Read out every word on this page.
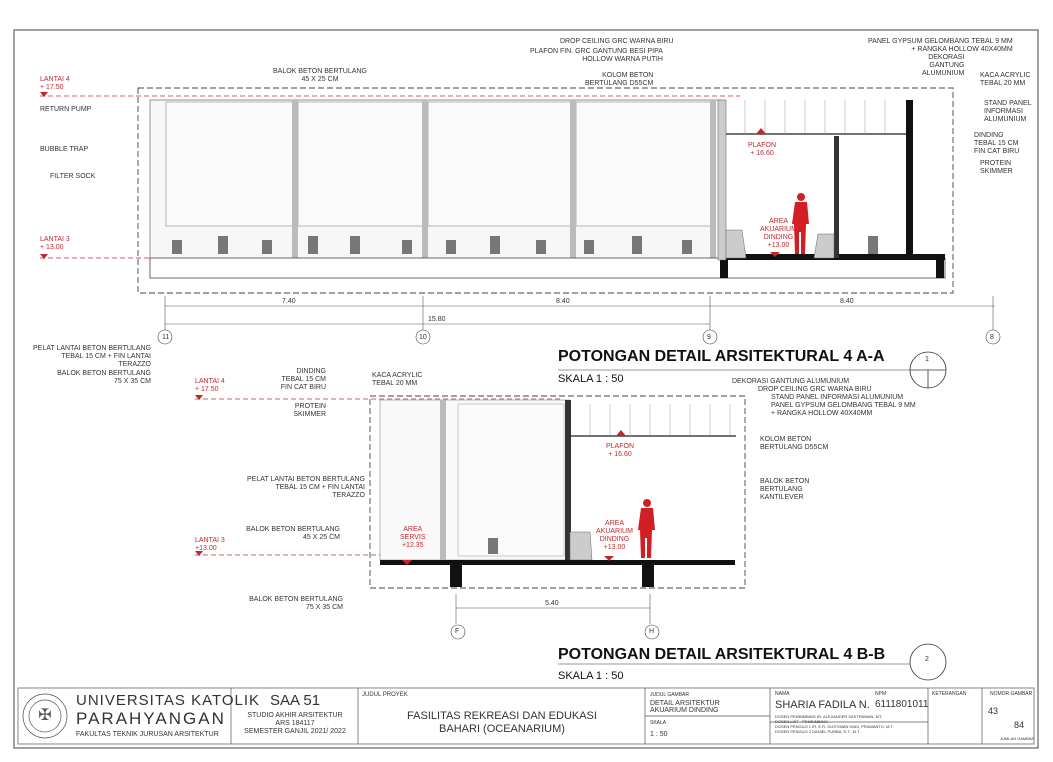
LANTAI 4
+ 17.50
LANTAI 3
+ 13.00
RETURN PUMP
BUBBLE TRAP
FILTER SOCK
BALOK BETON BERTULANG
45 X 25 CM
DROP CEILING GRC WARNA BIRU
PLAFON FIN. GRC GANTUNG BESI PIPA
HOLLOW WARNA PUTIH
KOLOM BETON
BERTULANG D55CM
PANEL GYPSUM GELOMBANG TEBAL 9 MM
+ RANGKA HOLLOW 40X40MM
DEKORASI
GANTUNG
ALUMUNIUM KACA ACRYLIC
TEBAL 20 MM
STAND PANEL
INFORMASI
ALUMUNIUM
DINDING
TEBAL 15 CM
FIN CAT BIRU
PROTEIN
SKIMMER
PLAFON
+ 16.60
AREA
AKUARIUM
DINDING
+13.00
7.40	8.40	8.40
15.80
11	10	9	8
PELAT LANTAI BETON BERTULANG
TEBAL 15 CM + FIN LANTAI
TERAZZO
BALOK BETON BERTULANG
75 X 35 CM
POTONGAN DETAIL ARSITEKTURAL 4 A-A
SKALA 1 : 50
1
LANTAI 4
+ 17.50
LANTAI 3
+13.00
DINDING
TEBAL 15 CM
FIN CAT BIRU
KACA ACRYLIC
TEBAL 20 MM
PROTEIN
SKIMMER
PELAT LANTAI BETON BERTULANG
TEBAL 15 CM + FIN LANTAI
TERAZZO
BALOK BETON BERTULANG
45 X 25 CM
BALOK BETON BERTULANG
75 X 35 CM
DEKORASI GANTUNG ALUMUNIUM
DROP CEILING GRC WARNA BIRU
STAND PANEL INFORMASI ALUMUNIUM
PANEL GYPSUM GELOMBANG TEBAL 9 MM
+ RANGKA HOLLOW 40X40MM
KOLOM BETON
BERTULANG D55CM
BALOK BETON
BERTULANG
KANTILEVER
PLAFON
+ 16.60
AREA
SERVIS
+12.35
AREA
AKUARIUM
DINDING
+13.00
5.40
F	H
POTONGAN DETAIL ARSITEKTURAL 4 B-B
SKALA 1 : 50
2
✠
UNIVERSITAS KATOLIK
PARAHYANGAN
FAKULTAS TEKNIK JURUSAN ARSITEKTUR
SAA 51
STUDIO AKHIR ARSITEKTUR
ARS 184117
SEMESTER GANJIL 2021/ 2022
JUDUL PROYEK
FASILITAS REKREASI DAN EDUKASI
BAHARI (OCEANARIUM)
JUDUL GAMBAR
DETAIL ARSITEKTUR
AKUARIUM DINDING
SKALA
1 : 50
NAMA
SHARIA FADILA N.
NPM
6111801011
DOSEN PEMBIMBING IR. ALEXANDER SASTRAWAN, MT.
DOSEN LIST - PEMBIMBING
DOSEN PENGUJI 1 IR. E.R. GUSTIMAN HADI, PRAMANTO, M.T.
DOSEN PENGUJI 2 DANIEL PURBA, S.T., M.T.
KETERANGAN	NOMOR GAMBAR
43
84
JUMLAH GAMBAR
